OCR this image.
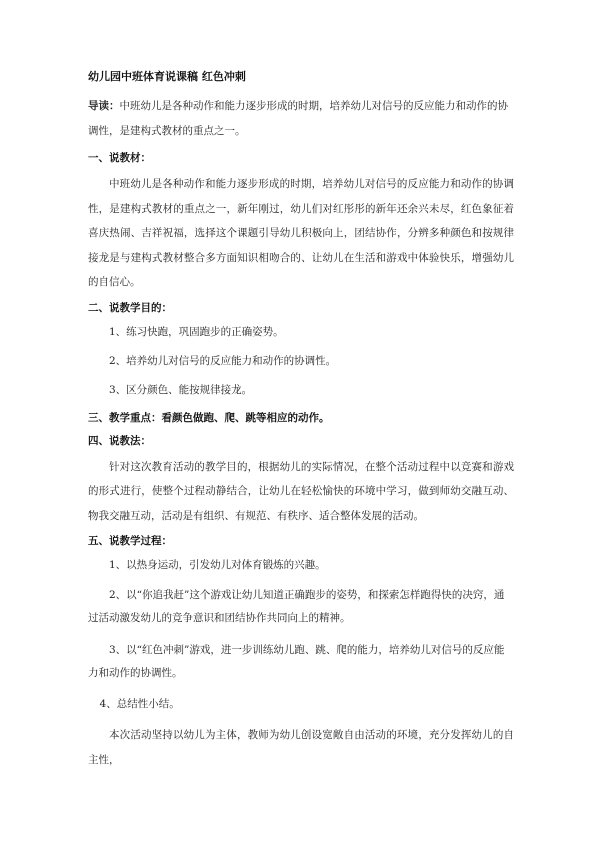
幼儿园中班体育说课稿 红色冲刺

导读：中班幼儿是各种动作和能力逐步形成的时期，培养幼儿对信号的反应能力和动作的协调性，是建构式教材的重点之一。

一、说教材：

中班幼儿是各种动作和能力逐步形成的时期，培养幼儿对信号的反应能力和动作的协调性，是建构式教材的重点之一，新年刚过，幼儿们对红彤彤的新年还余兴未尽，红色象征着喜庆热闹、吉祥祝福，选择这个课题引导幼儿积极向上，团结协作，分辨多种颜色和按规律接龙是与建构式教材整合多方面知识相吻合的、让幼儿在生活和游戏中体验快乐，增强幼儿的自信心。

二、说教学目的：
1、练习快跑，巩固跑步的正确姿势。
2、培养幼儿对信号的反应能力和动作的协调性。
3、区分颜色、能按规律接龙。
三、教学重点：看颜色做跑、爬、跳等相应的动作。
四、说教法：

针对这次教育活动的教学目的，根据幼儿的实际情况，在整个活动过程中以竞赛和游戏的形式进行，使整个过程动静结合，让幼儿在轻松愉快的环境中学习，做到师幼交融互动、物我交融互动，活动是有组织、有规范、有秩序、适合整体发展的活动。

五、说教学过程：
1、以热身运动，引发幼儿对体育锻炼的兴趣。
2、以“你追我赶”这个游戏让幼儿知道正确跑步的姿势，和探索怎样跑得快的决窍，通过活动激发幼儿的竞争意识和团结协作共同向上的精神。
3、以“红色冲刺”游戏，进一步训练幼儿跑、跳、爬的能力，培养幼儿对信号的反应能力和动作的协调性。
4、总结性小结。

本次活动坚持以幼儿为主体，教师为幼儿创设宽敞自由活动的环境，充分发挥幼儿的自主性，
